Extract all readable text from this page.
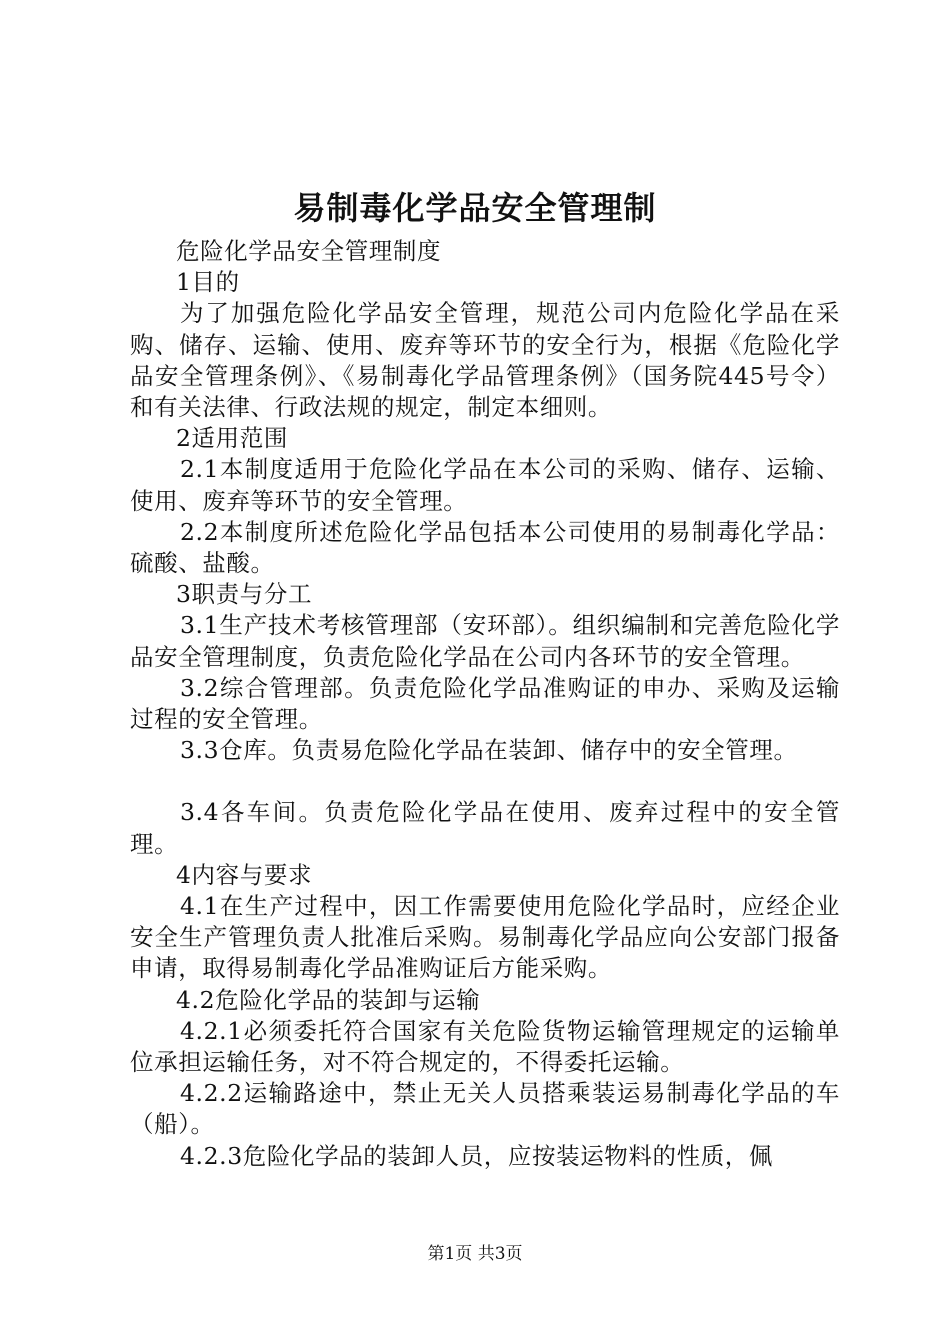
易制毒化学品安全管理制

危险化学品安全管理制度

1目的

为了加强危险化学品安全管理，规范公司内危险化学品在采购、储存、运输、使用、废弃等环节的安全行为，根据《危险化学品安全管理条例》、《易制毒化学品管理条例》（国务院445号令）和有关法律、行政法规的规定，制定本细则。

2适用范围

2.1本制度适用于危险化学品在本公司的采购、储存、运输、使用、废弃等环节的安全管理。

2.2本制度所述危险化学品包括本公司使用的易制毒化学品：硫酸、盐酸。

3职责与分工

3.1生产技术考核管理部（安环部）。组织编制和完善危险化学品安全管理制度，负责危险化学品在公司内各环节的安全管理。

3.2综合管理部。负责危险化学品准购证的申办、采购及运输过程的安全管理。

3.3仓库。负责易危险化学品在装卸、储存中的安全管理。

3.4各车间。负责危险化学品在使用、废弃过程中的安全管理。

4内容与要求

4.1在生产过程中，因工作需要使用危险化学品时，应经企业安全生产管理负责人批准后采购。易制毒化学品应向公安部门报备申请，取得易制毒化学品准购证后方能采购。

4.2危险化学品的装卸与运输

4.2.1必须委托符合国家有关危险货物运输管理规定的运输单位承担运输任务，对不符合规定的，不得委托运输。

4.2.2运输路途中，禁止无关人员搭乘装运易制毒化学品的车（船）。

4.2.3危险化学品的装卸人员，应按装运物料的性质，佩

第1页 共3页
